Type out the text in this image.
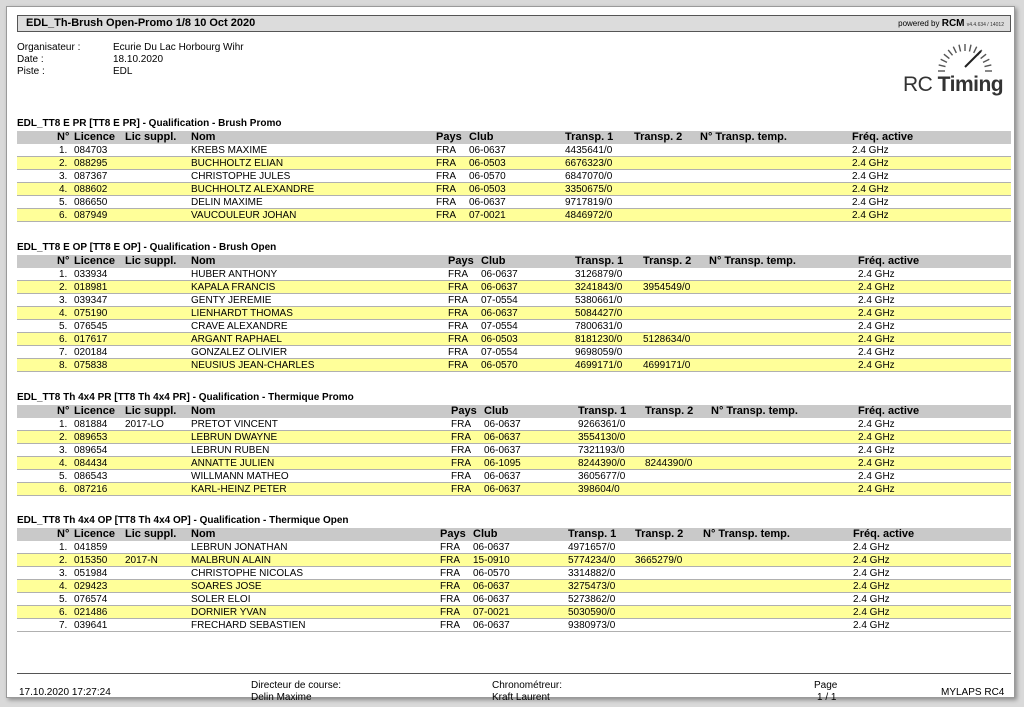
EDL_Th-Brush Open-Promo 1/8 10 Oct 2020	powered by RCM v4.4.634 / 14012
Organisateur :	Ecurie Du Lac Horbourg Wihr
Date :	18.10.2020
Piste :	EDL
RC Timing
EDL_TT8 E PR [TT8 E PR] - Qualification - Brush Promo
N° Licence Lic suppl. Nom	Pays Club	Transp. 1 Transp. 2 N° Transp. temp.	Fréq. active
1. 084703	KREBS MAXIME	FRA 06-0637	4435641/0	2.4 GHz
2. 088295	BUCHHOLTZ ELIAN	FRA 06-0503	6676323/0	2.4 GHz
3. 087367	CHRISTOPHE JULES	FRA 06-0570	6847070/0	2.4 GHz
4. 088602	BUCHHOLTZ ALEXANDRE	FRA 06-0503	3350675/0	2.4 GHz
5. 086650	DELIN MAXIME	FRA 06-0637	9717819/0	2.4 GHz
6. 087949	VAUCOULEUR JOHAN	FRA 07-0021	4846972/0	2.4 GHz
EDL_TT8 E OP [TT8 E OP] - Qualification - Brush Open
N° Licence Lic suppl. Nom	Pays Club	Transp. 1 Transp. 2 N° Transp. temp.	Fréq. active
1. 033934	HUBER ANTHONY	FRA 06-0637	3126879/0	2.4 GHz
2. 018981	KAPALA FRANCIS	FRA 06-0637	3241843/0 3954549/0	2.4 GHz
3. 039347	GENTY JEREMIE	FRA 07-0554	5380661/0	2.4 GHz
4. 075190	LIENHARDT THOMAS	FRA 06-0637	5084427/0	2.4 GHz
5. 076545	CRAVE ALEXANDRE	FRA 07-0554	7800631/0	2.4 GHz
6. 017617	ARGANT RAPHAEL	FRA 06-0503	8181230/0 5128634/0	2.4 GHz
7. 020184	GONZALEZ OLIVIER	FRA 07-0554	9698059/0	2.4 GHz
8. 075838	NEUSIUS JEAN-CHARLES	FRA 06-0570	4699171/0 4699171/0	2.4 GHz
EDL_TT8 Th 4x4 PR [TT8 Th 4x4 PR] - Qualification - Thermique Promo
N° Licence Lic suppl. Nom	Pays Club	Transp. 1 Transp. 2 N° Transp. temp.	Fréq. active
1. 081884 2017-LO	PRETOT VINCENT	FRA 06-0637	9266361/0	2.4 GHz
2. 089653	LEBRUN DWAYNE	FRA 06-0637	3554130/0	2.4 GHz
3. 089654	LEBRUN RUBEN	FRA 06-0637	7321193/0	2.4 GHz
4. 084434	ANNATTE JULIEN	FRA 06-1095	8244390/0 8244390/0	2.4 GHz
5. 086543	WILLMANN MATHEO	FRA 06-0637	3605677/0	2.4 GHz
6. 087216	KARL-HEINZ PETER	FRA 06-0637	398604/0	2.4 GHz
EDL_TT8 Th 4x4 OP [TT8 Th 4x4 OP] - Qualification - Thermique Open
N° Licence Lic suppl. Nom	Pays Club	Transp. 1 Transp. 2 N° Transp. temp.	Fréq. active
1. 041859	LEBRUN JONATHAN	FRA 06-0637	4971657/0	2.4 GHz
2. 015350 2017-N	MALBRUN ALAIN	FRA 15-0910	5774234/0 3665279/0	2.4 GHz
3. 051984	CHRISTOPHE NICOLAS	FRA 06-0570	3314882/0	2.4 GHz
4. 029423	SOARES JOSE	FRA 06-0637	3275473/0	2.4 GHz
5. 076574	SOLER ELOI	FRA 06-0637	5273862/0	2.4 GHz
6. 021486	DORNIER YVAN	FRA 07-0021	5030590/0	2.4 GHz
7. 039641	FRECHARD SEBASTIEN	FRA 06-0637	9380973/0	2.4 GHz
17.10.2020 17:27:24
Directeur de course:
Delin Maxime
Chronométreur:
Kraft Laurent
Page
1 / 1	MYLAPS RC4
